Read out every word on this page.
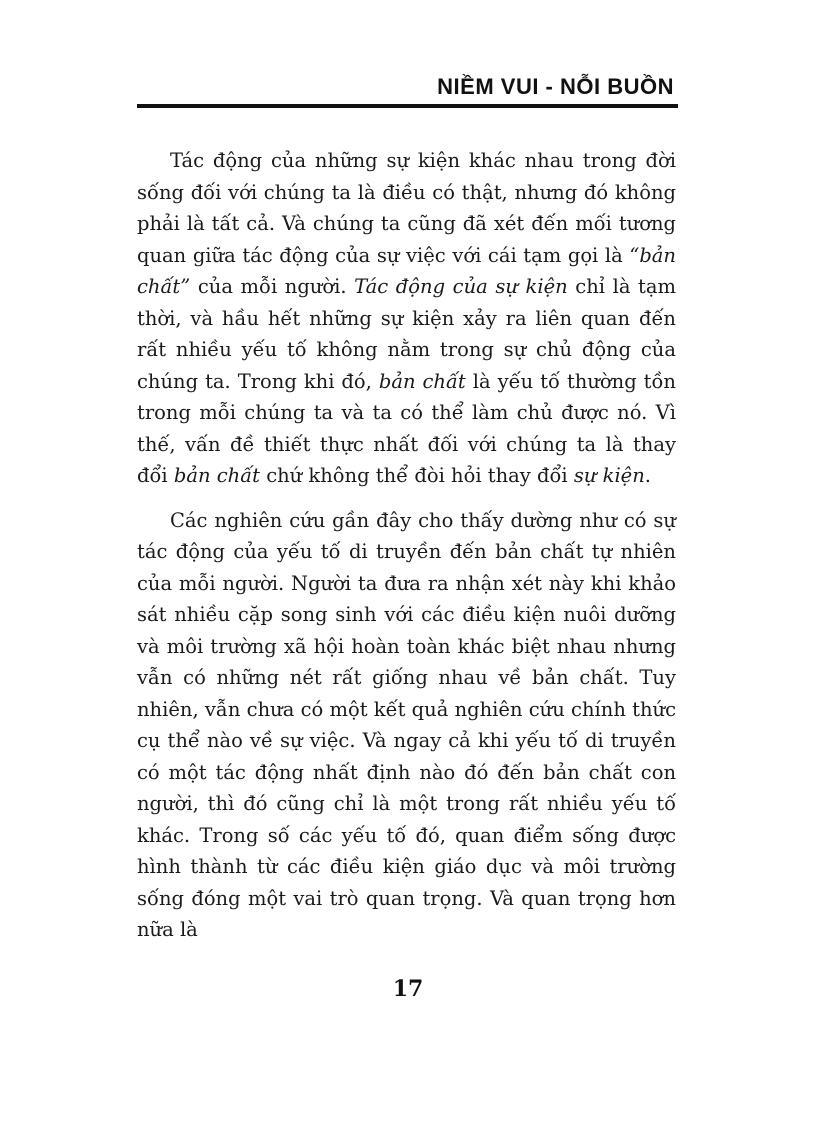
NIỀM VUI - NỖI BUỒN

Tác động của những sự kiện khác nhau trong đời sống đối với chúng ta là điều có thật, nhưng đó không phải là tất cả. Và chúng ta cũng đã xét đến mối tương quan giữa tác động của sự việc với cái tạm gọi là “bản chất” của mỗi người. Tác động của sự kiện chỉ là tạm thời, và hầu hết những sự kiện xảy ra liên quan đến rất nhiều yếu tố không nằm trong sự chủ động của chúng ta. Trong khi đó, bản chất là yếu tố thường tồn trong mỗi chúng ta và ta có thể làm chủ được nó. Vì thế, vấn đề thiết thực nhất đối với chúng ta là thay đổi bản chất chứ không thể đòi hỏi thay đổi sự kiện.

Các nghiên cứu gần đây cho thấy dường như có sự tác động của yếu tố di truyền đến bản chất tự nhiên của mỗi người. Người ta đưa ra nhận xét này khi khảo sát nhiều cặp song sinh với các điều kiện nuôi dưỡng và môi trường xã hội hoàn toàn khác biệt nhau nhưng vẫn có những nét rất giống nhau về bản chất. Tuy nhiên, vẫn chưa có một kết quả nghiên cứu chính thức cụ thể nào về sự việc. Và ngay cả khi yếu tố di truyền có một tác động nhất định nào đó đến bản chất con người, thì đó cũng chỉ là một trong rất nhiều yếu tố khác. Trong số các yếu tố đó, quan điểm sống được hình thành từ các điều kiện giáo dục và môi trường sống đóng một vai trò quan trọng. Và quan trọng hơn nữa là

17
